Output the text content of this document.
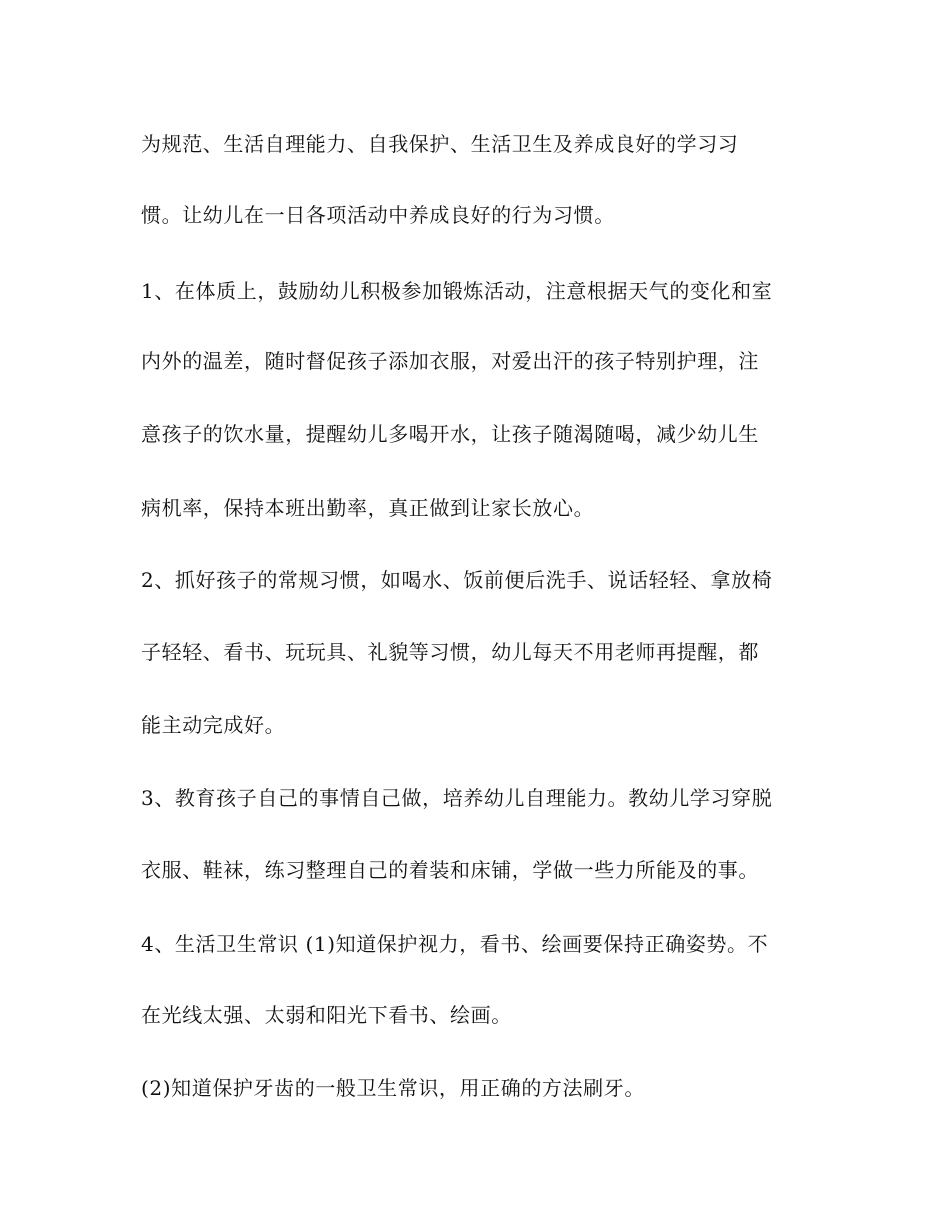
为规范、生活自理能力、自我保护、生活卫生及养成良好的学习习
惯。让幼儿在一日各项活动中养成良好的行为习惯。
1、在体质上，鼓励幼儿积极参加锻炼活动，注意根据天气的变化和室
内外的温差，随时督促孩子添加衣服，对爱出汗的孩子特别护理，注
意孩子的饮水量，提醒幼儿多喝开水，让孩子随渴随喝，减少幼儿生
病机率，保持本班出勤率，真正做到让家长放心。
2、抓好孩子的常规习惯，如喝水、饭前便后洗手、说话轻轻、拿放椅
子轻轻、看书、玩玩具、礼貌等习惯，幼儿每天不用老师再提醒，都
能主动完成好。
3、教育孩子自己的事情自己做，培养幼儿自理能力。教幼儿学习穿脱
衣服、鞋袜，练习整理自己的着装和床铺，学做一些力所能及的事。
4、生活卫生常识 (1)知道保护视力，看书、绘画要保持正确姿势。不
在光线太强、太弱和阳光下看书、绘画。
(2)知道保护牙齿的一般卫生常识，用正确的方法刷牙。
